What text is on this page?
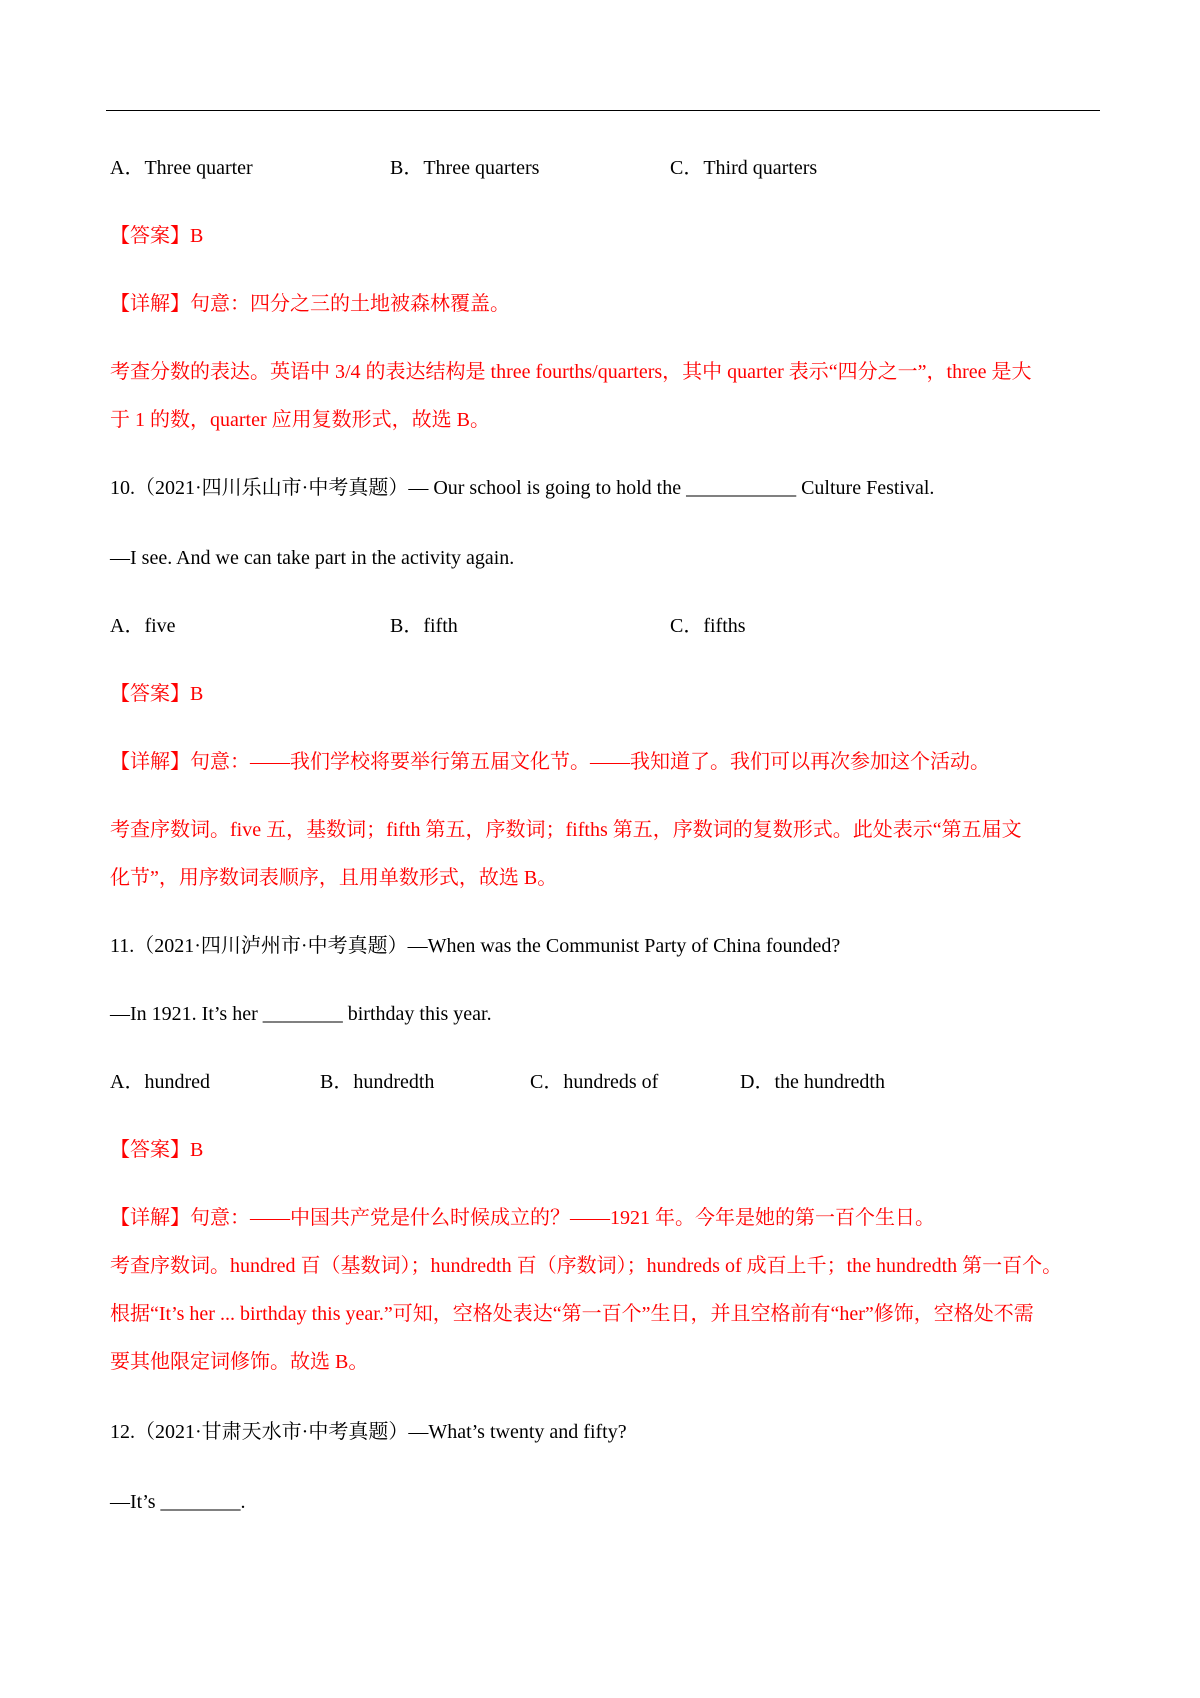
A．Three quarter	B．Three quarters	C．Third quarters
【答案】B
【详解】句意：四分之三的土地被森林覆盖。
考查分数的表达。英语中 3/4 的表达结构是 three fourths/quarters，其中 quarter 表示“四分之一”，three 是大
于 1 的数，quarter 应用复数形式，故选 B。
10.（2021·四川乐山市·中考真题）— Our school is going to hold the ___________ Culture Festival.
—I see. And we can take part in the activity again.
A．five	B．fifth	C．fifths
【答案】B
【详解】句意：——我们学校将要举行第五届文化节。——我知道了。我们可以再次参加这个活动。
考查序数词。five 五，基数词；fifth 第五，序数词；fifths 第五，序数词的复数形式。此处表示“第五届文
化节”，用序数词表顺序，且用单数形式，故选 B。
11.（2021·四川泸州市·中考真题）—When was the Communist Party of China founded?
—In 1921. It’s her ________ birthday this year.
A．hundred	B．hundredth	C．hundreds of	D．the hundredth
【答案】B
【详解】句意：——中国共产党是什么时候成立的？——1921 年。今年是她的第一百个生日。
考查序数词。hundred 百（基数词）；hundredth 百（序数词）；hundreds of 成百上千；the hundredth 第一百个。
根据“It’s her ... birthday this year.”可知，空格处表达“第一百个”生日，并且空格前有“her”修饰，空格处不需
要其他限定词修饰。故选 B。
12.（2021·甘肃天水市·中考真题）—What’s twenty and fifty?
—It’s ________.
